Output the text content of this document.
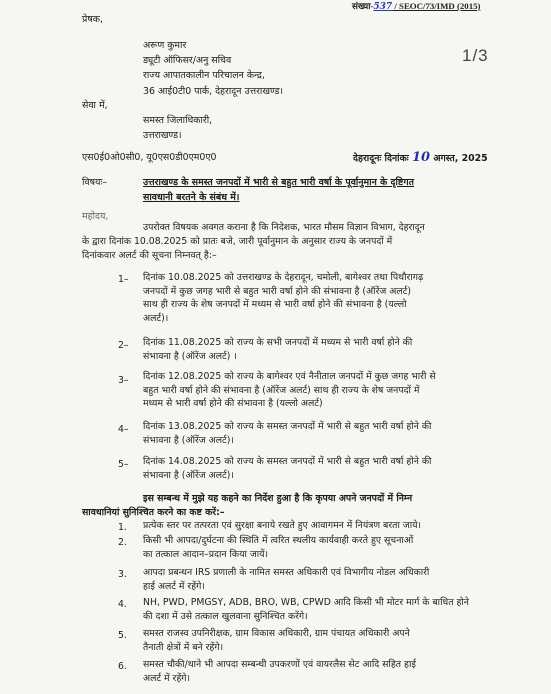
संख्या-537 / SEOC/73/IMD (2015)
1/3
प्रेषक,
अरूण कुमार
ड्यूटी ऑफिसर/अनु सचिव
राज्य आपातकालीन परिचालन केन्द्र,
36 आई0टी0 पार्क, देहरादून उत्तराखण्ड।
सेवा में,
समस्त जिलाधिकारी,
उत्तराखण्ड।
एस0ई0ओ0सी0, यू0एस0डी0एम0ए0	देहरादूनः दिनांकः 10 अगस्त, 2025
विषयः–	उत्तराखण्ड के समस्त जनपदों में भारी से बहुत भारी वर्षा के पूर्वानुमान के दृष्टिगत
सावधानी बरतने के संबंध में।
महोदय,
उपरोक्त विषयक अवगत कराना है कि निदेशक, भारत मौसम विज्ञान विभाग, देहरादून
के द्वारा दिनांक 10.08.2025 को प्रातः बजे, जारी पूर्वानुमान के अनुसार राज्य के जनपदों में
दिनांकवार अलर्ट की सूचना निम्नवत् है:–
1– दिनांक 10.08.2025 को उत्तराखण्ड के देहरादून, चमोली, बागेश्वर तथा पिथौरागढ़
जनपदों में कुछ जगह भारी से बहुत भारी वर्षा होने की संभावना है (ऑरेंज अलर्ट)
साथ ही राज्य के शेष जनपदों में मध्यम से भारी वर्षा होने की संभावना है (यल्लो
अलर्ट)।
2– दिनांक 11.08.2025 को राज्य के सभी जनपदों में मध्यम से भारी वर्षा होने की
संभावना है (ऑरेंज अलर्ट) ।
3– दिनांक 12.08.2025 को राज्य के बागेश्वर एवं नैनीताल जनपदों में कुछ जगह भारी से
बहुत भारी वर्षा होने की संभावना है (ऑरेंज अलर्ट) साथ ही राज्य के शेष जनपदों में
मध्यम से भारी वर्षा होने की संभावना है (यल्लो अलर्ट)
4– दिनांक 13.08.2025 को राज्य के समस्त जनपदों में भारी से बहुत भारी वर्षा होने की
संभावना है (ऑरेंज अलर्ट)।
5– दिनांक 14.08.2025 को राज्य के समस्त जनपदों में भारी से बहुत भारी वर्षा होने की
संभावना है (ऑरेंज अलर्ट)।
इस सम्बन्ध में मुझे यह कहने का निर्देश हुआ है कि कृपया अपने जनपदों में निम्न
सावधानियां सुनिश्चित करने का कष्ट करें:–
1. प्रत्येक स्तर पर तत्परता एवं सुरक्षा बनाये रखते हुए आवागमन में नियंत्रण बरता जाये।
2. किसी भी आपदा/दुर्घटना की स्थिति में त्वरित स्थलीय कार्यवाही करते हुए सूचनाओं
का तत्काल आदान–प्रदान किया जायें।
3. आपदा प्रबन्धन IRS प्रणाली के नामित समस्त अधिकारी एवं विभागीय नोडल अधिकारी
हाई अलर्ट में रहेंगे।
4. NH, PWD, PMGSY, ADB, BRO, WB, CPWD आदि किसी भी मोटर मार्ग के बाधित होने
की दशा में उसे तत्काल खुलवाना सुनिश्चित करेंगे।
5. समस्त राजस्व उपनिरीक्षक, ग्राम विकास अधिकारी, ग्राम पंचायत अधिकारी अपने
तैनाती क्षेत्रों में बने रहेंगे।
6. समस्त चौकी/थाने भी आपदा सम्बन्धी उपकरणों एवं वायरलैस सेट आदि सहित हाई
अलर्ट में रहेंगे।
